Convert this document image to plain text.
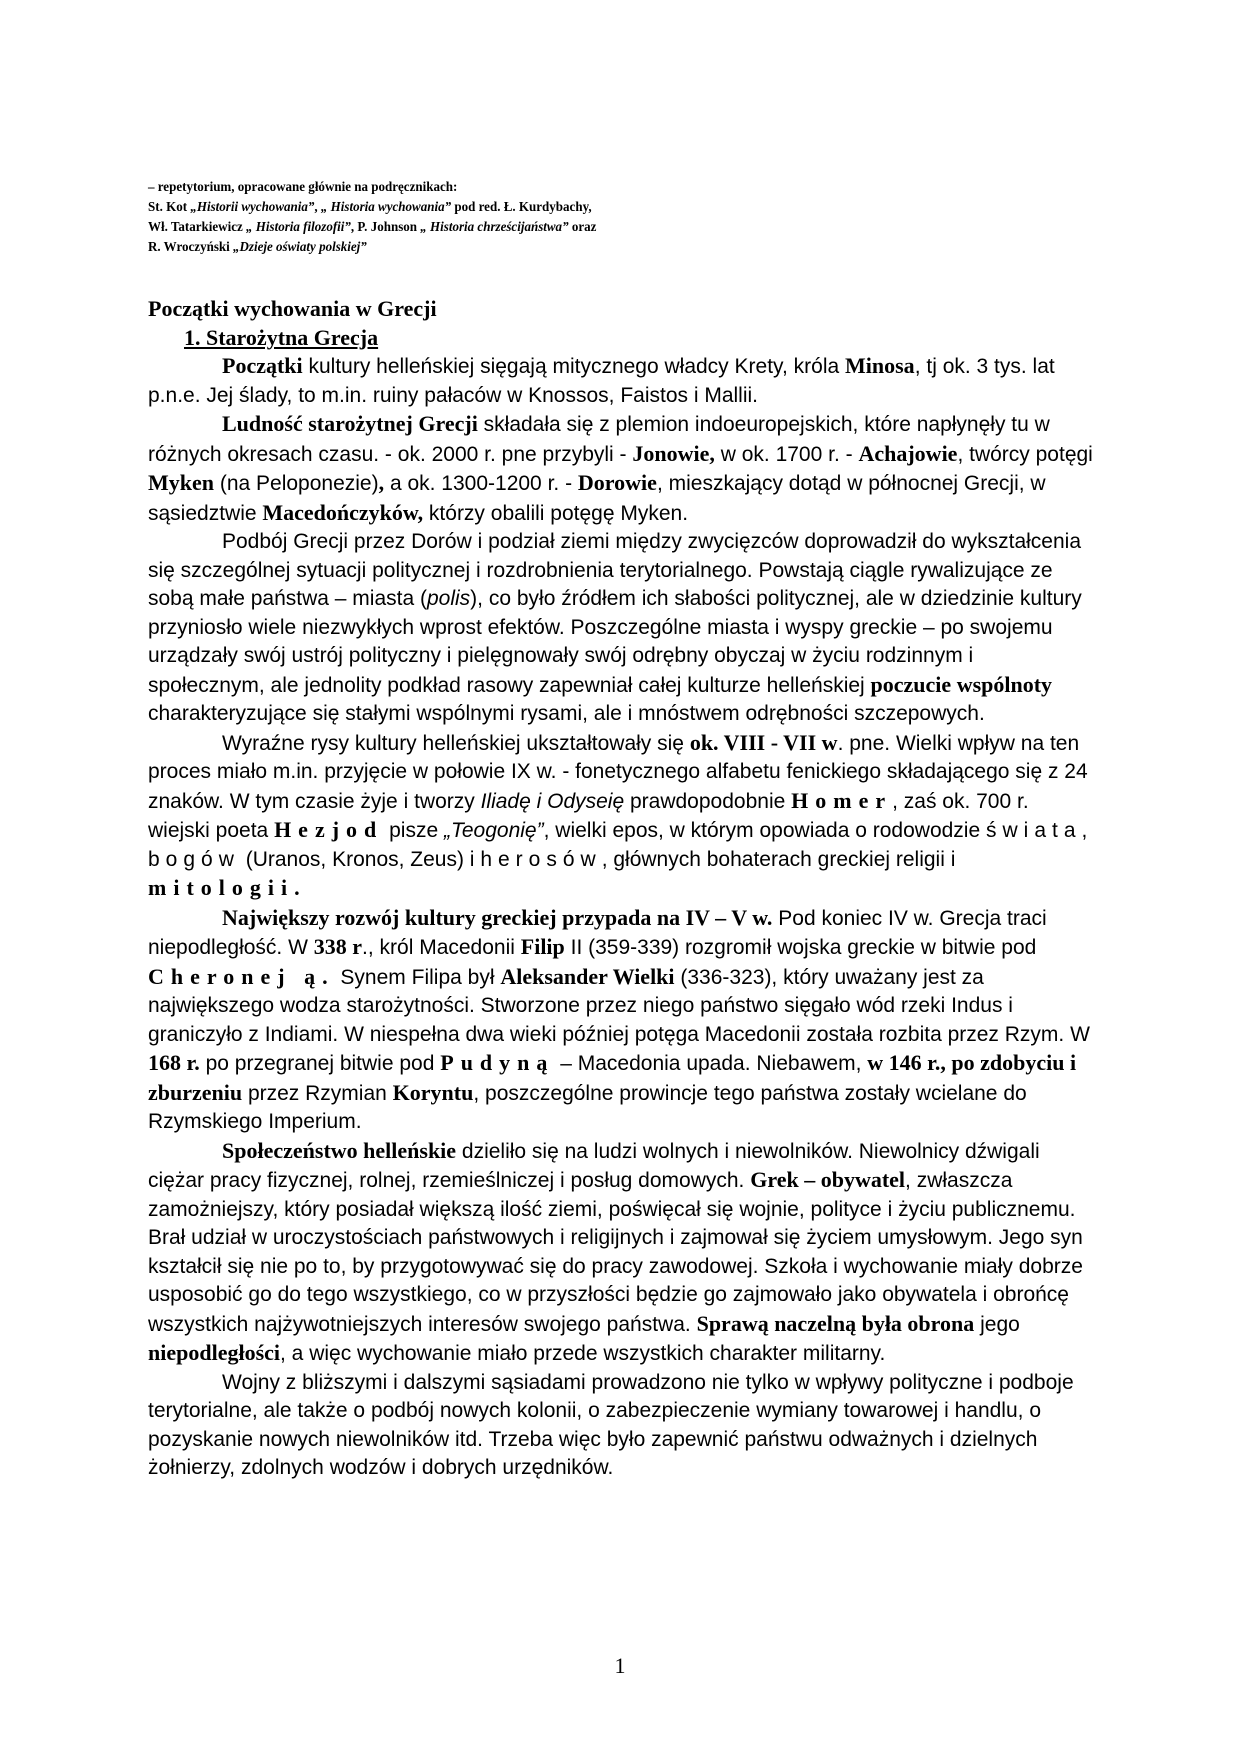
– repetytorium, opracowane głównie na podręcznikach:
St. Kot „Historii wychowania”, „ Historia wychowania” pod red. Ł. Kurdybachy,
Wł. Tatarkiewicz „ Historia filozofii”, P. Johnson „ Historia chrześcijaństwa” oraz
R. Wroczyński „Dzieje oświaty polskiej”
Początki wychowania w Grecji
1. Starożytna Grecja
Początki kultury helleńskiej sięgają mitycznego władcy Krety, króla Minosa, tj ok. 3 tys. lat p.n.e. Jej ślady, to m.in. ruiny pałaców w Knossos, Faistos i Mallii.
Ludność starożytnej Grecji składała się z plemion indoeuropejskich, które napłynęły tu w różnych okresach czasu. - ok. 2000 r. pne przybyli - Jonowie, w ok. 1700 r. - Achajowie, twórcy potęgi Myken (na Peloponezie), a ok. 1300-1200 r. - Dorowie, mieszkający dotąd w północnej Grecji, w sąsiedztwie Macedończyków, którzy obalili potęgę Myken.
Podbój Grecji przez Dorów i podział ziemi między zwycięzców doprowadził do wykształcenia się szczególnej sytuacji politycznej i rozdrobnienia terytorialnego. Powstają ciągle rywalizujące ze sobą małe państwa – miasta (polis), co było źródłem ich słabości politycznej, ale w dziedzinie kultury przyniosło wiele niezwykłych wprost efektów. Poszczególne miasta i wyspy greckie – po swojemu urządzały swój ustrój polityczny i pielęgnowały swój odrębny obyczaj w życiu rodzinnym i społecznym, ale jednolity podkład rasowy zapewniał całej kulturze helleńskiej poczucie wspólnoty charakteryzujące się stałymi wspólnymi rysami, ale i mnóstwem odrębności szczepowych.
Wyraźne rysy kultury helleńskiej ukształtowały się ok. VIII - VII w. pne. Wielki wpływ na ten proces miało m.in. przyjęcie w połowie IX w. - fonetycznego alfabetu fenickiego składającego się z 24 znaków. W tym czasie żyje i tworzy Iliadę i Odyseię prawdopodobnie Homer, zaś ok. 700 r. wiejski poeta Hezjod pisze „Teogonię”, wielki epos, w którym opowiada o rodowodzie świata, bogów (Uranos, Kronos, Zeus) i herosów, głównych bohaterach greckiej religii i mitologii.
Największy rozwój kultury greckiej przypada na IV – V w. Pod koniec IV w. Grecja traci niepodległość. W 338 r., król Macedonii Filip II (359-339) rozgromił wojska greckie w bitwie pod Cheronej ą. Synem Filipa był Aleksander Wielki (336-323), który uważany jest za największego wodza starożytności. Stworzone przez niego państwo sięgało wód rzeki Indus i graniczyło z Indiami. W niespełna dwa wieki później potęga Macedonii została rozbita przez Rzym. W 168 r. po przegranej bitwie pod Pudyną – Macedonia upada. Niebawem, w 146 r., po zdobyciu i zburzeniu przez Rzymian Koryntu, poszczególne prowincje tego państwa zostały wcielane do Rzymskiego Imperium.
Społeczeństwo helleńskie dzieliło się na ludzi wolnych i niewolników. Niewolnicy dźwigali ciężar pracy fizycznej, rolnej, rzemieślniczej i posług domowych. Grek – obywatel, zwłaszcza zamożniejszy, który posiadał większą ilość ziemi, poświęcał się wojnie, polityce i życiu publicznemu. Brał udział w uroczystościach państwowych i religijnych i zajmował się życiem umysłowym. Jego syn kształcił się nie po to, by przygotowywać się do pracy zawodowej. Szkoła i wychowanie miały dobrze usposobić go do tego wszystkiego, co w przyszłości będzie go zajmowało jako obywatela i obrońcę wszystkich najżywotniejszych interesów swojego państwa. Sprawą naczelną była obrona jego niepodległości, a więc wychowanie miało przede wszystkich charakter militarny.
Wojny z bliższymi i dalszymi sąsiadami prowadzono nie tylko w wpływy polityczne i podboje terytorialne, ale także o podbój nowych kolonii, o zabezpieczenie wymiany towarowej i handlu, o pozyskanie nowych niewolników itd. Trzeba więc było zapewnić państwu odważnych i dzielnych żołnierzy, zdolnych wodzów i dobrych urzędników.
1
